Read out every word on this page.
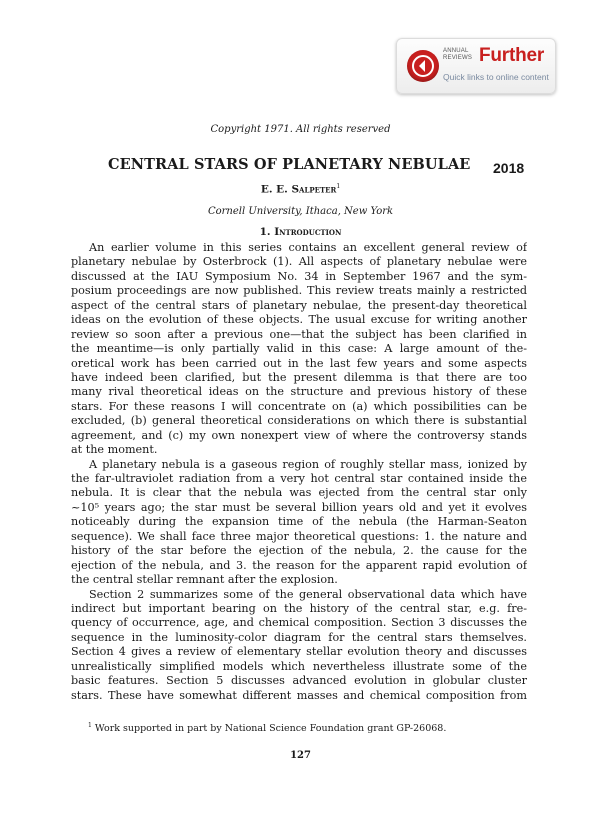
ANNUAL
REVIEWS Further
Quick links to online content
Copyright 1971. All rights reserved
CENTRAL STARS OF PLANETARY NEBULAE 2018
E. E. Salpeter$^1$
Cornell University, Ithaca, New York
1. Introduction
An earlier volume in this series contains an excellent general review of
planetary nebulae by Osterbrock (1). All aspects of planetary nebulae were
discussed at the IAU Symposium No. 34 in September 1967 and the sym-
posium proceedings are now published. This review treats mainly a restricted
aspect of the central stars of planetary nebulae, the present-day theoretical
ideas on the evolution of these objects. The usual excuse for writing another
review so soon after a previous one—that the subject has been clarified in
the meantime—is only partially valid in this case: A large amount of the-
oretical work has been carried out in the last few years and some aspects
have indeed been clarified, but the present dilemma is that there are too
many rival theoretical ideas on the structure and previous history of these
stars. For these reasons I will concentrate on (a) which possibilities can be
excluded, (b) general theoretical considerations on which there is substantial
agreement, and (c) my own nonexpert view of where the controversy stands
at the moment.
A planetary nebula is a gaseous region of roughly stellar mass, ionized by
the far-ultraviolet radiation from a very hot central star contained inside the
nebula. It is clear that the nebula was ejected from the central star only
~10⁵ years ago; the star must be several billion years old and yet it evolves
noticeably during the expansion time of the nebula (the Harman-Seaton
sequence). We shall face three major theoretical questions: 1. the nature and
history of the star before the ejection of the nebula, 2. the cause for the
ejection of the nebula, and 3. the reason for the apparent rapid evolution of
the central stellar remnant after the explosion.
Section 2 summarizes some of the general observational data which have
indirect but important bearing on the history of the central star, e.g. fre-
quency of occurrence, age, and chemical composition. Section 3 discusses the
sequence in the luminosity-color diagram for the central stars themselves.
Section 4 gives a review of elementary stellar evolution theory and discusses
unrealistically simplified models which nevertheless illustrate some of the
basic features. Section 5 discusses advanced evolution in globular cluster
stars. These have somewhat different masses and chemical composition from
$^1$ Work supported in part by National Science Foundation grant GP-26068.
127
